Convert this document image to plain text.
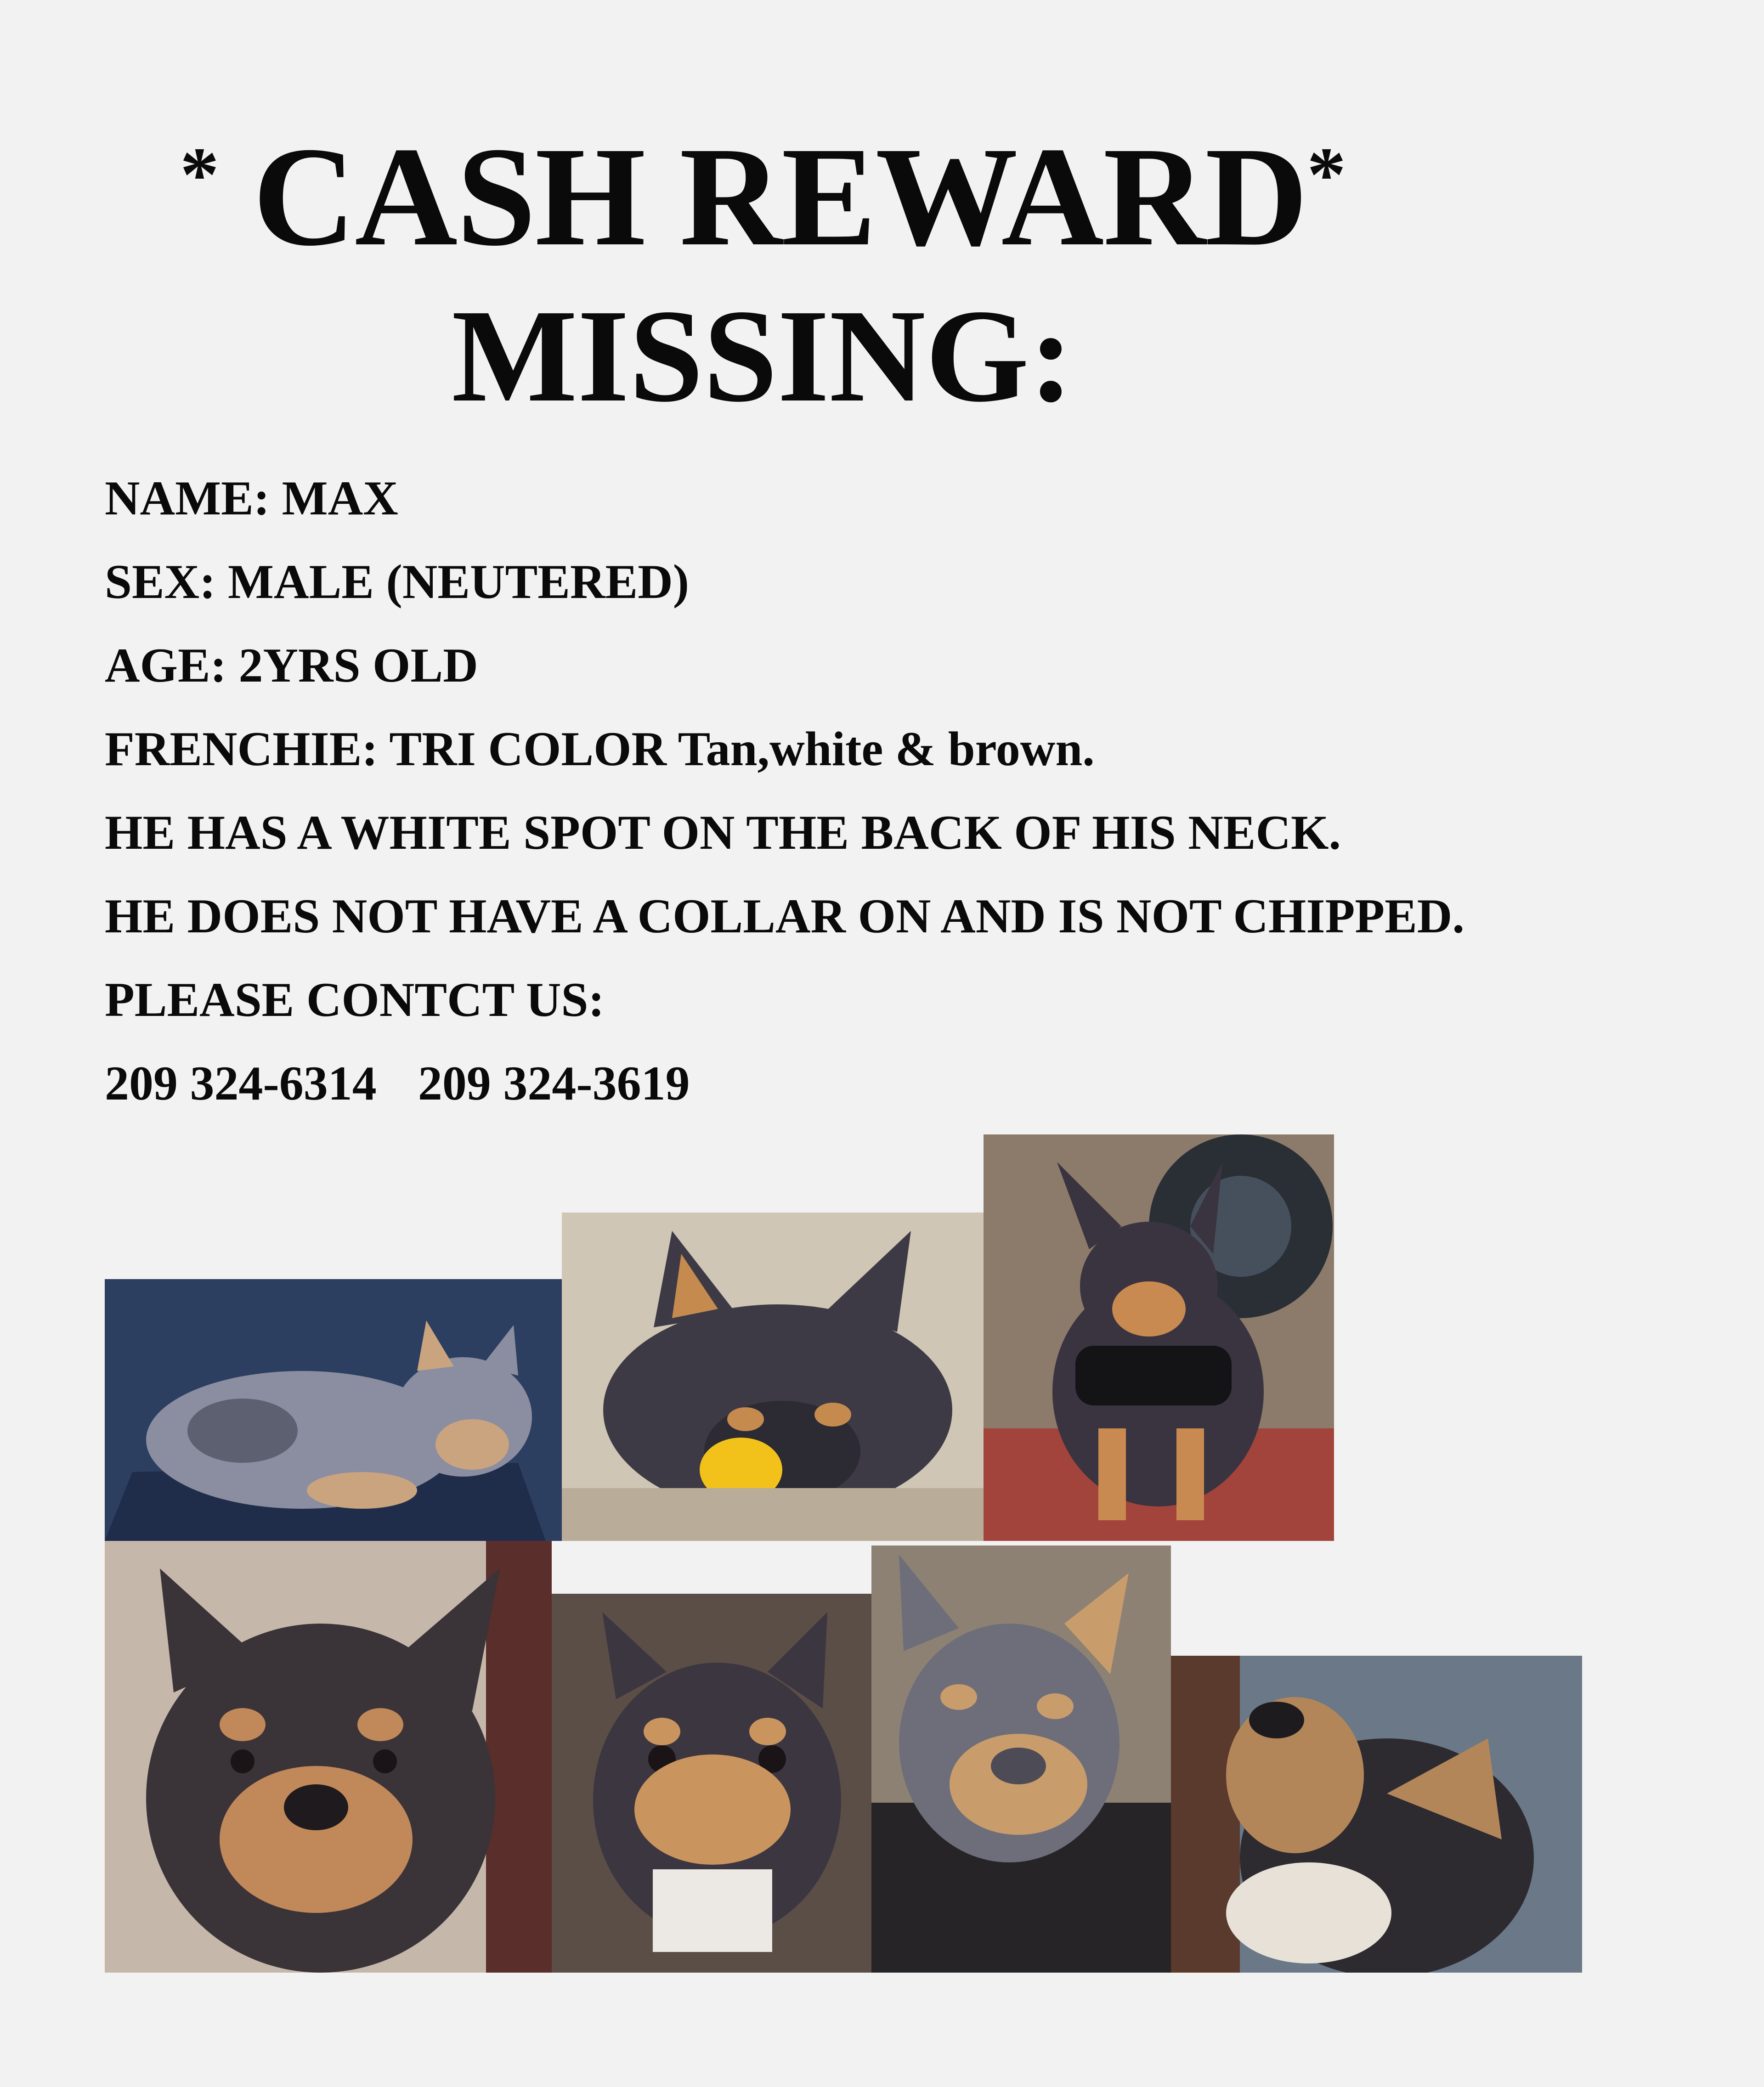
* CASH REWARD*
MISSING:
NAME: MAX
SEX: MALE (NEUTERED)
AGE: 2YRS OLD
FRENCHIE: TRI COLOR Tan,white & brown.
HE HAS A WHITE SPOT ON THE BACK OF HIS NECK.
HE DOES NOT HAVE A COLLAR ON AND IS NOT CHIPPED.
PLEASE CONTCT US:
209 324-6314 209 324-3619
